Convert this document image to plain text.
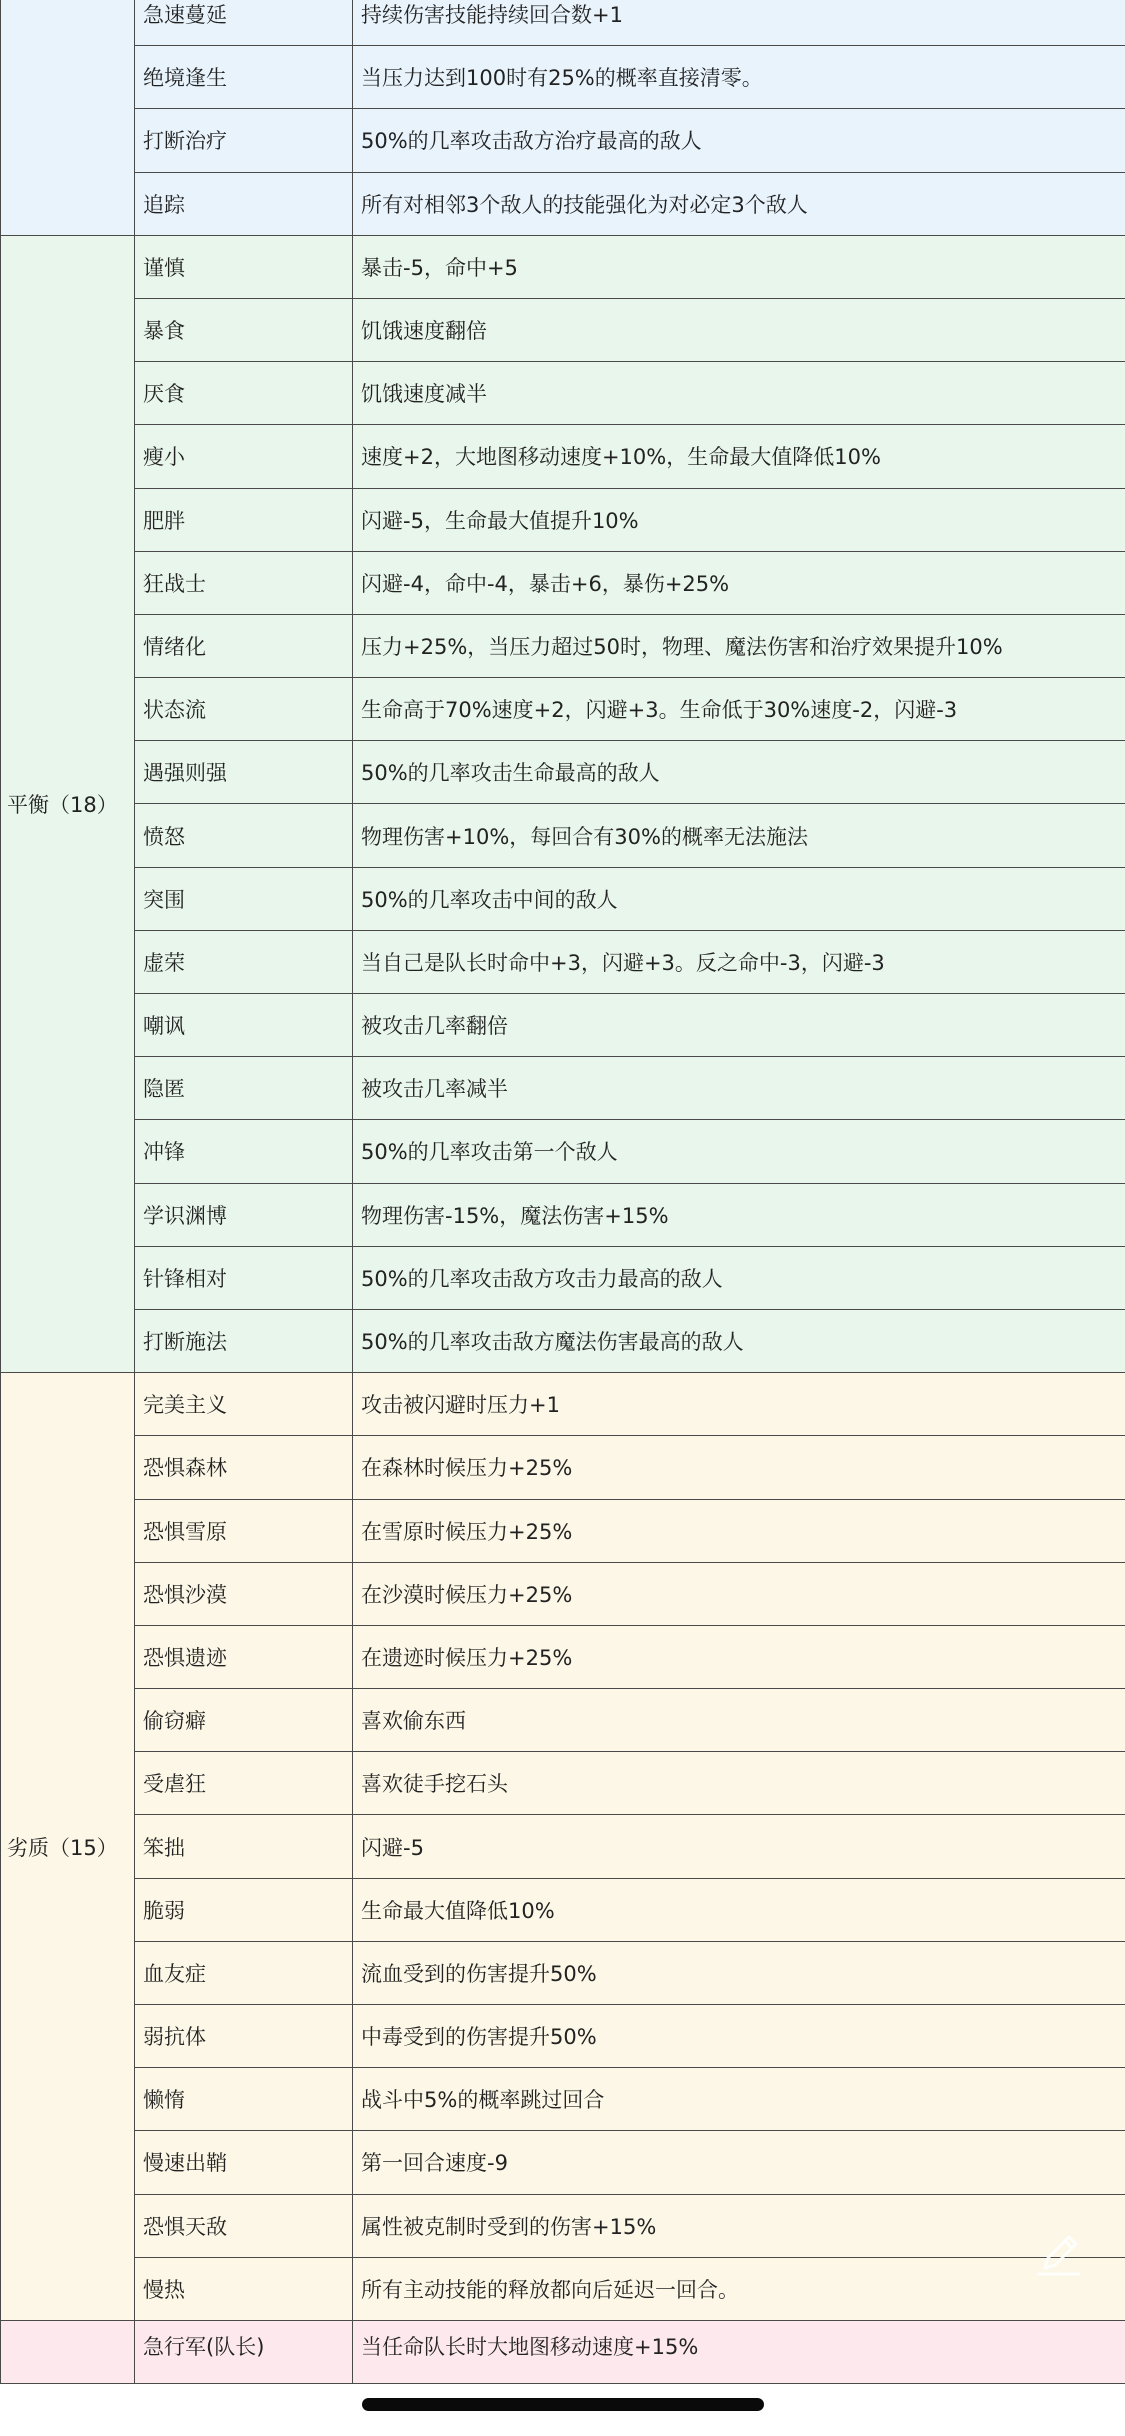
	急速蔓延	持续伤害技能持续回合数+1
	绝境逢生	当压力达到100时有25%的概率直接清零。
	打断治疗	50%的几率攻击敌方治疗最高的敌人
	追踪	所有对相邻3个敌人的技能强化为对必定3个敌人
平衡（18）	谨慎	暴击-5，命中+5
	暴食	饥饿速度翻倍
	厌食	饥饿速度减半
	瘦小	速度+2，大地图移动速度+10%，生命最大值降低10%
	肥胖	闪避-5，生命最大值提升10%
	狂战士	闪避-4，命中-4，暴击+6，暴伤+25%
	情绪化	压力+25%，当压力超过50时，物理、魔法伤害和治疗效果提升10%
	状态流	生命高于70%速度+2，闪避+3。生命低于30%速度-2，闪避-3
	遇强则强	50%的几率攻击生命最高的敌人
	愤怒	物理伤害+10%，每回合有30%的概率无法施法
	突围	50%的几率攻击中间的敌人
	虚荣	当自己是队长时命中+3，闪避+3。反之命中-3，闪避-3
	嘲讽	被攻击几率翻倍
	隐匿	被攻击几率减半
	冲锋	50%的几率攻击第一个敌人
	学识渊博	物理伤害-15%，魔法伤害+15%
	针锋相对	50%的几率攻击敌方攻击力最高的敌人
	打断施法	50%的几率攻击敌方魔法伤害最高的敌人
劣质（15）	完美主义	攻击被闪避时压力+1
	恐惧森林	在森林时候压力+25%
	恐惧雪原	在雪原时候压力+25%
	恐惧沙漠	在沙漠时候压力+25%
	恐惧遗迹	在遗迹时候压力+25%
	偷窃癖	喜欢偷东西
	受虐狂	喜欢徒手挖石头
	笨拙	闪避-5
	脆弱	生命最大值降低10%
	血友症	流血受到的伤害提升50%
	弱抗体	中毒受到的伤害提升50%
	懒惰	战斗中5%的概率跳过回合
	慢速出鞘	第一回合速度-9
	恐惧天敌	属性被克制时受到的伤害+15%
	慢热	所有主动技能的释放都向后延迟一回合。
	急行军(队长)	当任命队长时大地图移动速度+15%
